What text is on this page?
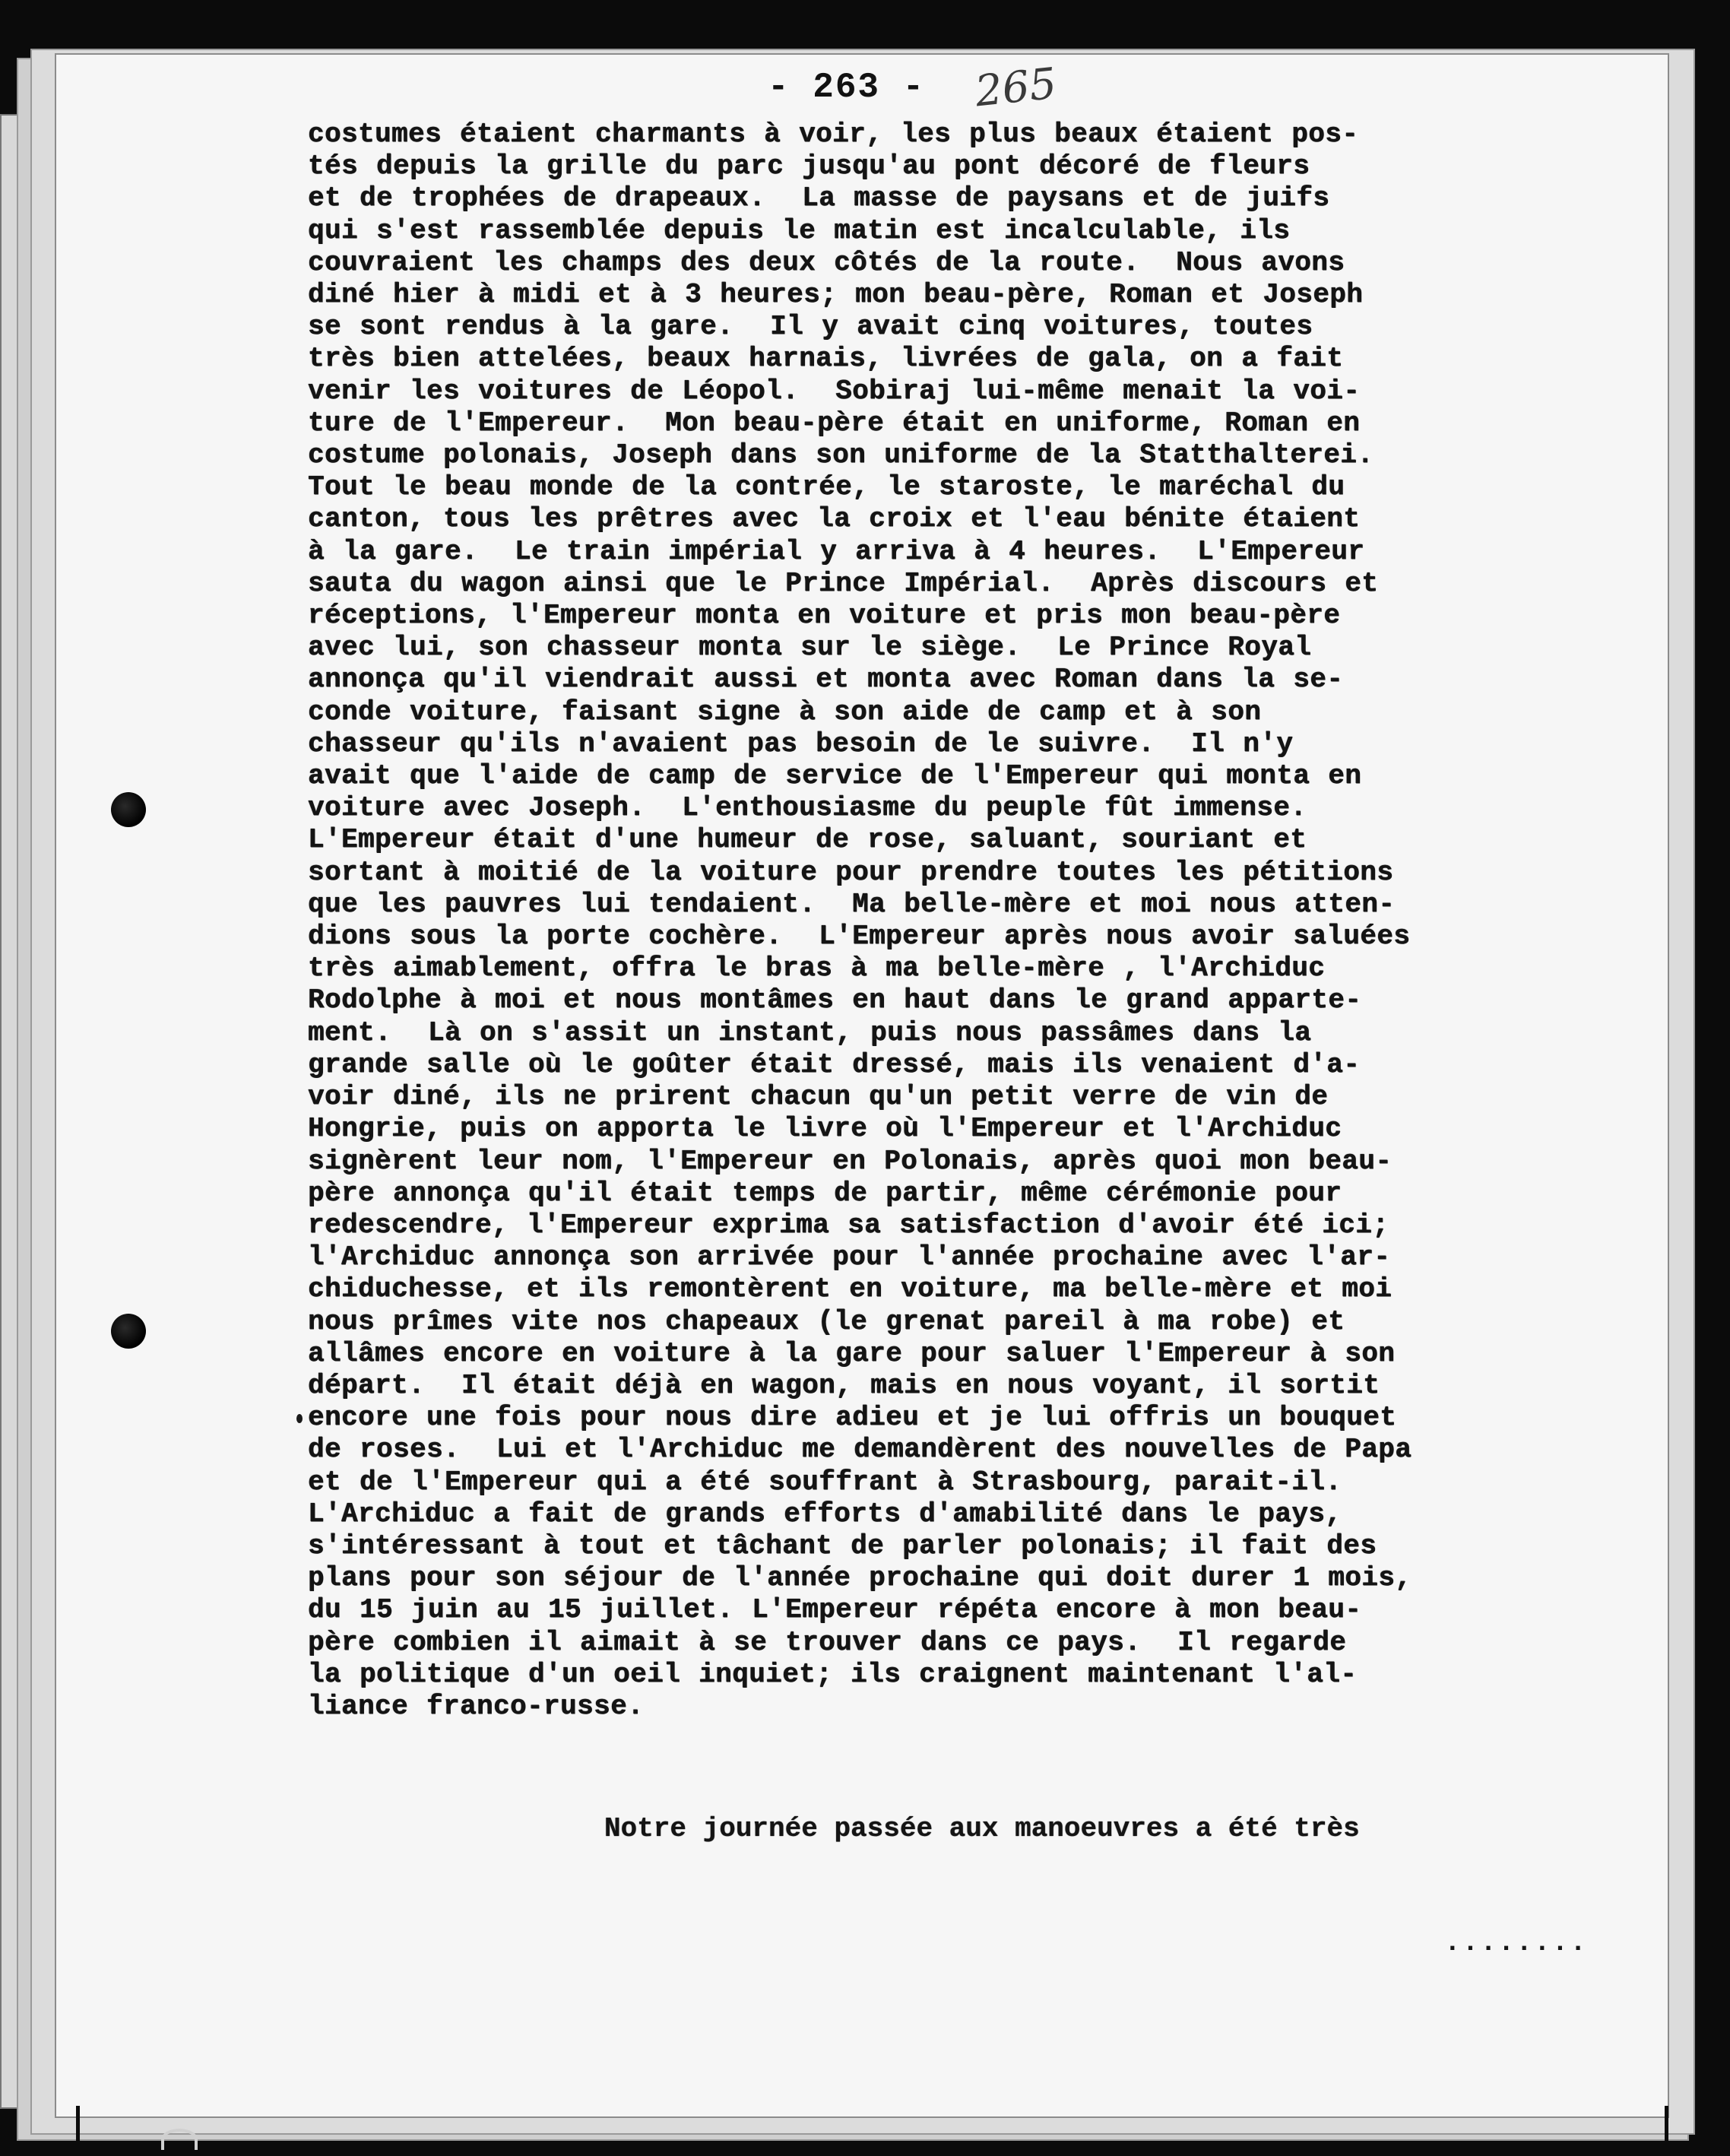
- 263 - 265
costumes étaient charmants à voir, les plus beaux étaient pos-
tés depuis la grille du parc jusqu'au pont décoré de fleurs
et de trophées de drapeaux.  La masse de paysans et de juifs
qui s'est rassemblée depuis le matin est incalculable, ils
couvraient les champs des deux côtés de la route.  Nous avons
diné hier à midi et à 3 heures; mon beau-père, Roman et Joseph
se sont rendus à la gare.  Il y avait cinq voitures, toutes
très bien attelées, beaux harnais, livrées de gala, on a fait
venir les voitures de Léopol.  Sobiraj lui-même menait la voi-
ture de l'Empereur.  Mon beau-père était en uniforme, Roman en
costume polonais, Joseph dans son uniforme de la Statthalterei.
Tout le beau monde de la contrée, le staroste, le maréchal du
canton, tous les prêtres avec la croix et l'eau bénite étaient
à la gare.  Le train impérial y arriva à 4 heures.  L'Empereur
sauta du wagon ainsi que le Prince Impérial.  Après discours et
réceptions, l'Empereur monta en voiture et pris mon beau-père
avec lui, son chasseur monta sur le siège.  Le Prince Royal
annonça qu'il viendrait aussi et monta avec Roman dans la se-
conde voiture, faisant signe à son aide de camp et à son
chasseur qu'ils n'avaient pas besoin de le suivre.  Il n'y
avait que l'aide de camp de service de l'Empereur qui monta en
voiture avec Joseph.  L'enthousiasme du peuple fût immense.
L'Empereur était d'une humeur de rose, saluant, souriant et
sortant à moitié de la voiture pour prendre toutes les pétitions
que les pauvres lui tendaient.  Ma belle-mère et moi nous atten-
dions sous la porte cochère.  L'Empereur après nous avoir saluées
très aimablement, offra le bras à ma belle-mère , l'Archiduc
Rodolphe à moi et nous montâmes en haut dans le grand apparte-
ment.  Là on s'assit un instant, puis nous passâmes dans la
grande salle où le goûter était dressé, mais ils venaient d'a-
voir diné, ils ne prirent chacun qu'un petit verre de vin de
Hongrie, puis on apporta le livre où l'Empereur et l'Archiduc
signèrent leur nom, l'Empereur en Polonais, après quoi mon beau-
père annonça qu'il était temps de partir, même cérémonie pour
redescendre, l'Empereur exprima sa satisfaction d'avoir été ici;
l'Archiduc annonça son arrivée pour l'année prochaine avec l'ar-
chiduchesse, et ils remontèrent en voiture, ma belle-mère et moi
nous prîmes vite nos chapeaux (le grenat pareil à ma robe) et
allâmes encore en voiture à la gare pour saluer l'Empereur à son
départ.  Il était déjà en wagon, mais en nous voyant, il sortit
encore une fois pour nous dire adieu et je lui offris un bouquet
de roses.  Lui et l'Archiduc me demandèrent des nouvelles de Papa
et de l'Empereur qui a été souffrant à Strasbourg, parait-il.
L'Archiduc a fait de grands efforts d'amabilité dans le pays,
s'intéressant à tout et tâchant de parler polonais; il fait des
plans pour son séjour de l'année prochaine qui doit durer 1 mois,
du 15 juin au 15 juillet. L'Empereur répéta encore à mon beau-
père combien il aimait à se trouver dans ce pays.  Il regarde
la politique d'un oeil inquiet; ils craignent maintenant l'al-
liance franco-russe.

Notre journée passée aux manoeuvres a été très

........
